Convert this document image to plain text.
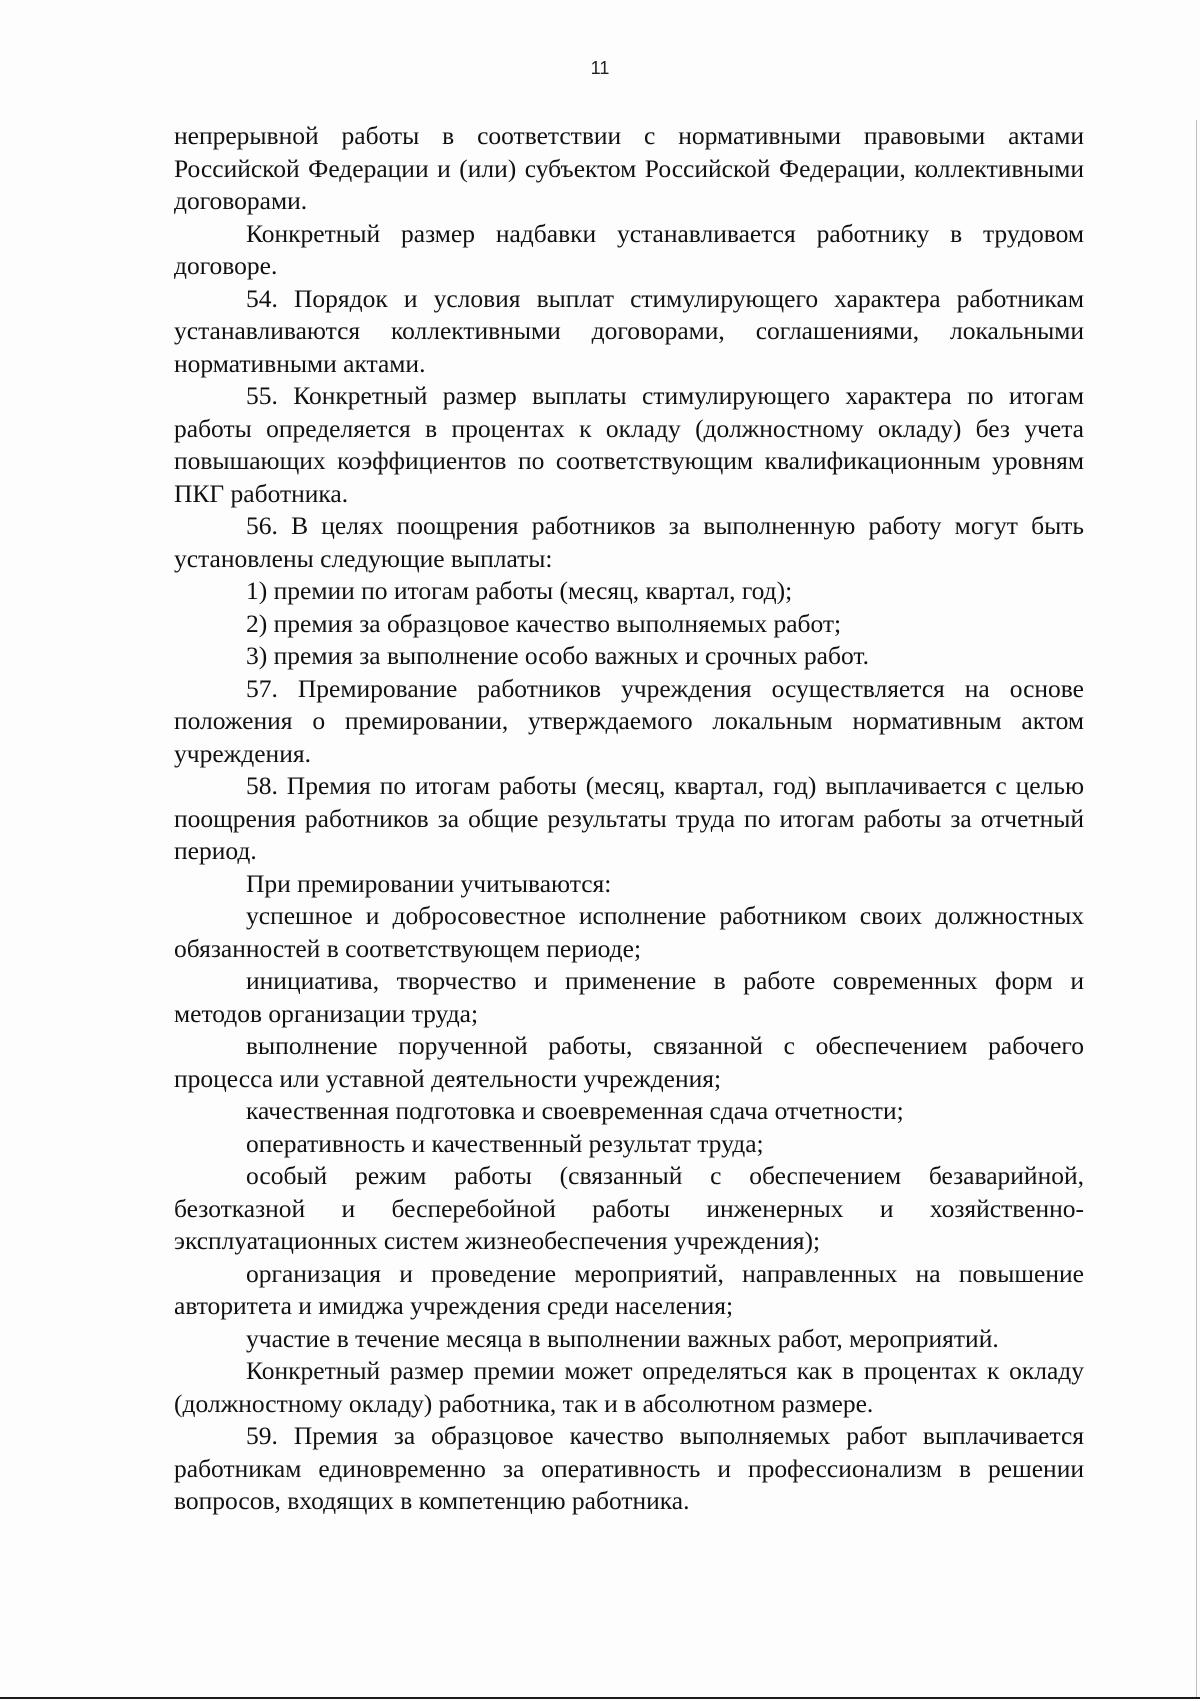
11

непрерывной работы в соответствии с нормативными правовыми актами Российской Федерации и (или) субъектом Российской Федерации, коллективными договорами.

Конкретный размер надбавки устанавливается работнику в трудовом договоре.

54. Порядок и условия выплат стимулирующего характера работникам устанавливаются коллективными договорами, соглашениями, локальными нормативными актами.

55. Конкретный размер выплаты стимулирующего характера по итогам работы определяется в процентах к окладу (должностному окладу) без учета повышающих коэффициентов по соответствующим квалификационным уровням ПКГ работника.

56. В целях поощрения работников за выполненную работу могут быть установлены следующие выплаты:

1) премии по итогам работы (месяц, квартал, год);

2) премия за образцовое качество выполняемых работ;

3) премия за выполнение особо важных и срочных работ.

57. Премирование работников учреждения осуществляется на основе положения о премировании, утверждаемого локальным нормативным актом учреждения.

58. Премия по итогам работы (месяц, квартал, год) выплачивается с целью поощрения работников за общие результаты труда по итогам работы за отчетный период.

При премировании учитываются:

успешное и добросовестное исполнение работником своих должностных обязанностей в соответствующем периоде;

инициатива, творчество и применение в работе современных форм и методов организации труда;

выполнение порученной работы, связанной с обеспечением рабочего процесса или уставной деятельности учреждения;

качественная подготовка и своевременная сдача отчетности;

оперативность и качественный результат труда;

особый режим работы (связанный с обеспечением безаварийной, безотказной и бесперебойной работы инженерных и хозяйственно-эксплуатационных систем жизнеобеспечения учреждения);

организация и проведение мероприятий, направленных на повышение авторитета и имиджа учреждения среди населения;

участие в течение месяца в выполнении важных работ, мероприятий.

Конкретный размер премии может определяться как в процентах к окладу (должностному окладу) работника, так и в абсолютном размере.

59. Премия за образцовое качество выполняемых работ выплачивается работникам единовременно за оперативность и профессионализм в решении вопросов, входящих в компетенцию работника.
